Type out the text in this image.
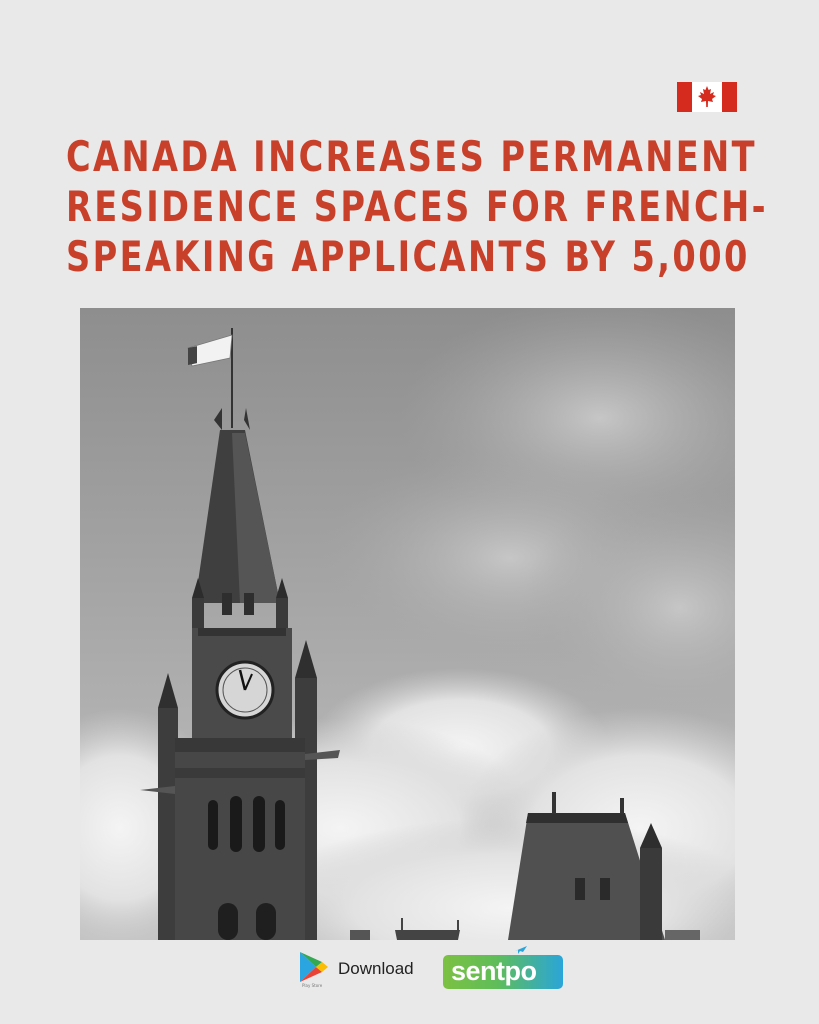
CANADA INCREASES PERMANENT
RESIDENCE SPACES FOR FRENCH-
SPEAKING APPLICANTS BY 5,000
Play Store
Download sentpo
